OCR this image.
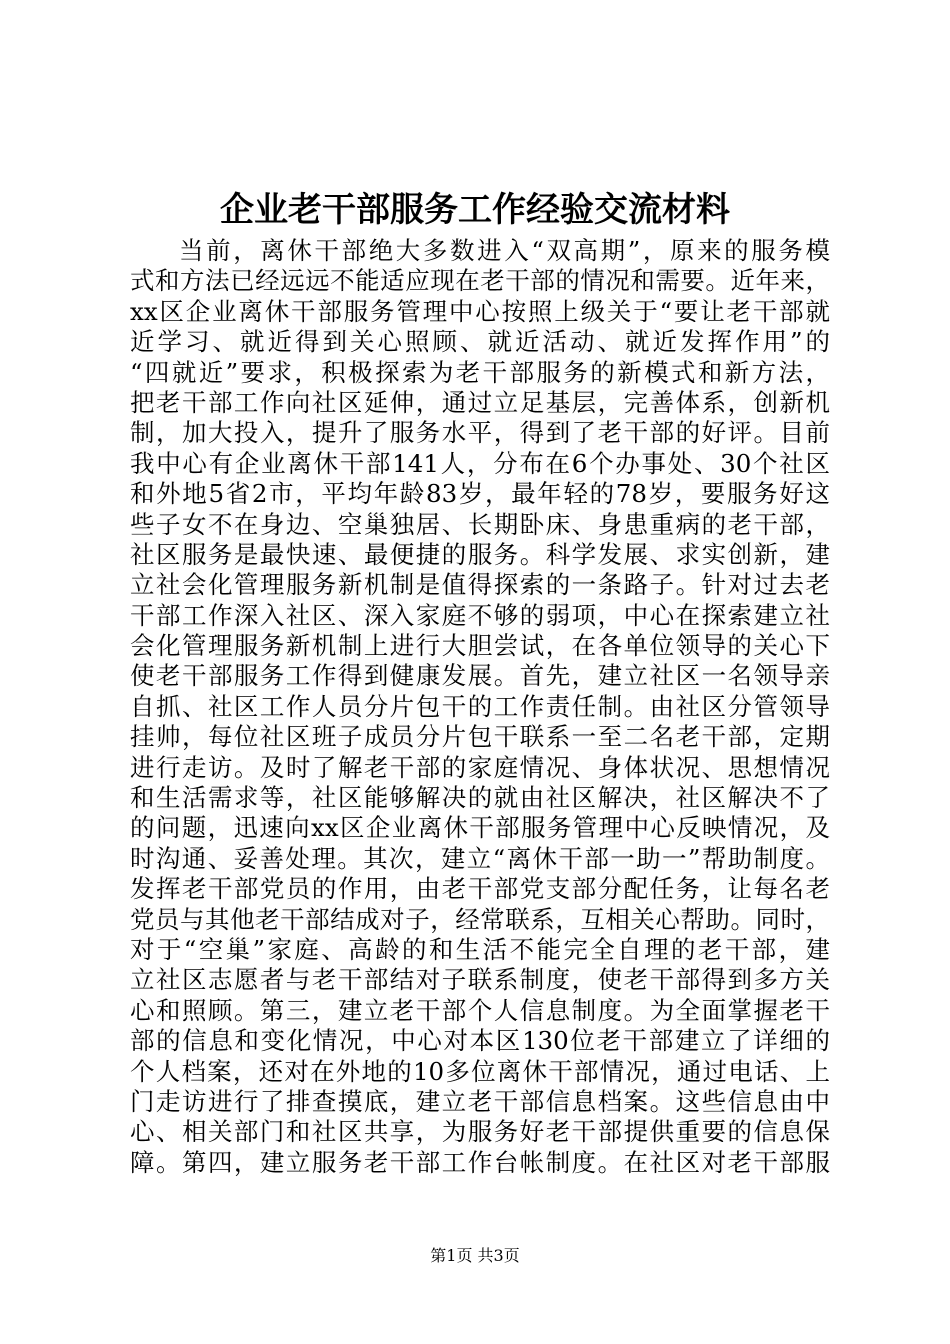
企业老干部服务工作经验交流材料
当前，离休干部绝大多数进入“双高期”，原来的服务模
式和方法已经远远不能适应现在老干部的情况和需要。近年来，
xx区企业离休干部服务管理中心按照上级关于“要让老干部就
近学习、就近得到关心照顾、就近活动、就近发挥作用”的
“四就近”要求，积极探索为老干部服务的新模式和新方法，
把老干部工作向社区延伸，通过立足基层，完善体系，创新机
制，加大投入，提升了服务水平，得到了老干部的好评。目前
我中心有企业离休干部141人，分布在6个办事处、30个社区
和外地5省2市，平均年龄83岁，最年轻的78岁，要服务好这
些子女不在身边、空巢独居、长期卧床、身患重病的老干部，
社区服务是最快速、最便捷的服务。科学发展、求实创新，建
立社会化管理服务新机制是值得探索的一条路子。针对过去老
干部工作深入社区、深入家庭不够的弱项，中心在探索建立社
会化管理服务新机制上进行大胆尝试，在各单位领导的关心下
使老干部服务工作得到健康发展。首先，建立社区一名领导亲
自抓、社区工作人员分片包干的工作责任制。由社区分管领导
挂帅，每位社区班子成员分片包干联系一至二名老干部，定期
进行走访。及时了解老干部的家庭情况、身体状况、思想情况
和生活需求等，社区能够解决的就由社区解决，社区解决不了
的问题，迅速向xx区企业离休干部服务管理中心反映情况，及
时沟通、妥善处理。其次，建立“离休干部一助一”帮助制度。
发挥老干部党员的作用，由老干部党支部分配任务，让每名老
党员与其他老干部结成对子，经常联系，互相关心帮助。同时，
对于“空巢”家庭、高龄的和生活不能完全自理的老干部，建
立社区志愿者与老干部结对子联系制度，使老干部得到多方关
心和照顾。第三，建立老干部个人信息制度。为全面掌握老干
部的信息和变化情况，中心对本区130位老干部建立了详细的
个人档案，还对在外地的10多位离休干部情况，通过电话、上
门走访进行了排查摸底，建立老干部信息档案。这些信息由中
心、相关部门和社区共享，为服务好老干部提供重要的信息保
障。第四，建立服务老干部工作台帐制度。在社区对老干部服
第1页 共3页
